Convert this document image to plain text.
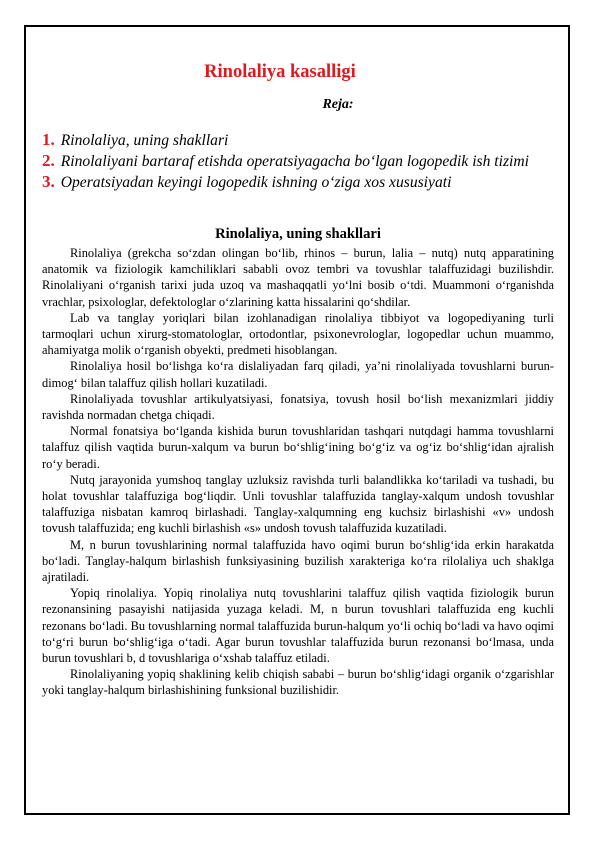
Rinolaliya kasalligi

Reja:

1. Rinolaliya, uning shakllari
2. Rinolaliyani bartaraf etishda operatsiyagacha bo‘lgan logopedik ish tizimi
3. Operatsiyadan keyingi logopedik ishning o‘ziga xos xususiyati
Rinolaliya, uning shakllari

Rinolaliya (grekcha so‘zdan olingan bo‘lib, rhinos – burun, lalia – nutq) nutq apparatining anatomik va fiziologik kamchiliklari sababli ovoz tembri va tovushlar talaffuzidagi buzilishdir. Rinolaliyani o‘rganish tarixi juda uzoq va mashaqqatli yo‘lni bosib o‘tdi. Muammoni o‘rganishda vrachlar, psixologlar, defektologlar o‘zlarining katta hissalarini qo‘shdilar.

Lab va tanglay yoriqlari bilan izohlanadigan rinolaliya tibbiyot va logopediyaning turli tarmoqlari uchun xirurg-stomatologlar, ortodontlar, psixonevrologlar, logopedlar uchun muammo, ahamiyatga molik o‘rganish obyekti, predmeti hisoblangan.

Rinolaliya hosil bo‘lishga ko‘ra dislaliyadan farq qiladi, ya’ni rinolaliyada tovushlarni burun-dimog‘ bilan talaffuz qilish hollari kuzatiladi.

Rinolaliyada tovushlar artikulyatsiyasi, fonatsiya, tovush hosil bo‘lish mexanizmlari jiddiy ravishda normadan chetga chiqadi.

Normal fonatsiya bo‘lganda kishida burun tovushlaridan tashqari nutqdagi hamma tovushlarni talaffuz qilish vaqtida burun-xalqum va burun bo‘shlig‘ining bo‘g‘iz va og‘iz bo‘shlig‘idan ajralish ro‘y beradi.

Nutq jarayonida yumshoq tanglay uzluksiz ravishda turli balandlikka ko‘tariladi va tushadi, bu holat tovushlar talaffuziga bog‘liqdir. Unli tovushlar talaffuzida tanglay-xalqum undosh tovushlar talaffuziga nisbatan kamroq birlashadi. Tanglay-xalqumning eng kuchsiz birlashishi «v» undosh tovush talaffuzida; eng kuchli birlashish «s» undosh tovush talaffuzida kuzatiladi.

M, n burun tovushlarining normal talaffuzida havo oqimi burun bo‘shlig‘ida erkin harakatda bo‘ladi. Tanglay-halqum birlashish funksiyasining buzilish xarakteriga ko‘ra rilolaliya uch shaklga ajratiladi.

Yopiq rinolaliya. Yopiq rinolaliya nutq tovushlarini talaffuz qilish vaqtida fiziologik burun rezonansining pasayishi natijasida yuzaga keladi. M, n burun tovushlari talaffuzida eng kuchli rezonans bo‘ladi. Bu tovushlarning normal talaffuzida burun-halqum yo‘li ochiq bo‘ladi va havo oqimi to‘g‘ri burun bo‘shlig‘iga o‘tadi. Agar burun tovushlar talaffuzida burun rezonansi bo‘lmasa, unda burun tovushlari b, d tovushlariga o‘xshab talaffuz etiladi.

Rinolaliyaning yopiq shaklining kelib chiqish sababi – burun bo‘shlig‘idagi organik o‘zgarishlar yoki tanglay-halqum birlashishining funksional buzilishidir.
